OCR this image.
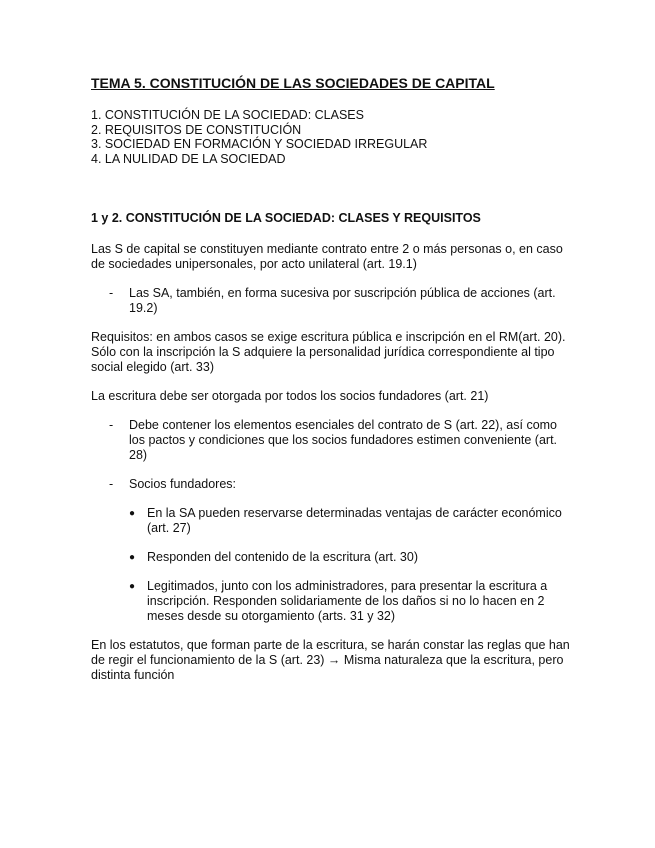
TEMA 5. CONSTITUCIÓN DE LAS SOCIEDADES DE CAPITAL
1. CONSTITUCIÓN DE LA SOCIEDAD: CLASES
2. REQUISITOS DE CONSTITUCIÓN
3. SOCIEDAD EN FORMACIÓN Y SOCIEDAD IRREGULAR
4. LA NULIDAD DE LA SOCIEDAD
1 y 2. CONSTITUCIÓN DE LA SOCIEDAD: CLASES Y REQUISITOS

Las S de capital se constituyen mediante contrato entre 2 o más personas o, en caso de sociedades unipersonales, por acto unilateral (art. 19.1)

- Las SA, también, en forma sucesiva por suscripción pública de acciones (art. 19.2)

Requisitos: en ambos casos se exige escritura pública e inscripción en el RM(art. 20). Sólo con la inscripción la S adquiere la personalidad jurídica correspondiente al tipo social elegido (art. 33)

La escritura debe ser otorgada por todos los socios fundadores (art. 21)

- Debe contener los elementos esenciales del contrato de S (art. 22), así como los pactos y condiciones que los socios fundadores estimen conveniente (art. 28)
- Socios fundadores:
● En la SA pueden reservarse determinadas ventajas de carácter económico (art. 27)
● Responden del contenido de la escritura (art. 30)
● Legitimados, junto con los administradores, para presentar la escritura a inscripción. Responden solidariamente de los daños si no lo hacen en 2 meses desde su otorgamiento (arts. 31 y 32)

En los estatutos, que forman parte de la escritura, se harán constar las reglas que han de regir el funcionamiento de la S (art. 23) → Misma naturaleza que la escritura, pero distinta función
